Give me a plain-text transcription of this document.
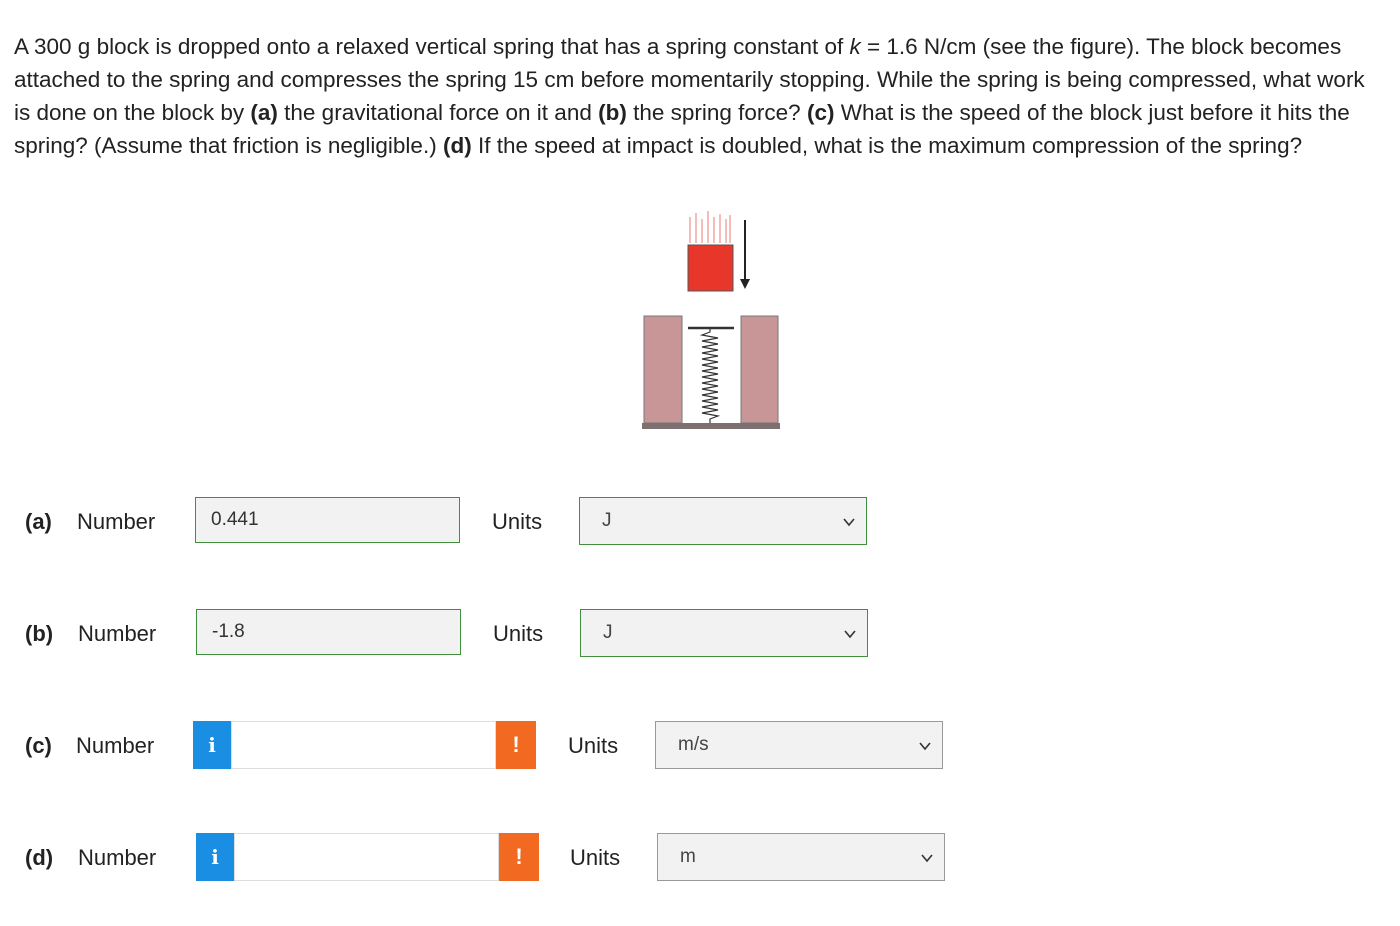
A 300 g block is dropped onto a relaxed vertical spring that has a spring constant of k = 1.6 N/cm (see the figure). The block becomes attached to the spring and compresses the spring 15 cm before momentarily stopping. While the spring is being compressed, what work is done on the block by (a) the gravitational force on it and (b) the spring force? (c) What is the speed of the block just before it hits the spring? (Assume that friction is negligible.) (d) If the speed at impact is doubled, what is the maximum compression of the spring?

(a) Number	0.441	Units	J
(b) Number	-1.8	Units	J
(c) Number	i	!	Units	m/s
(d) Number	i	!	Units	m
